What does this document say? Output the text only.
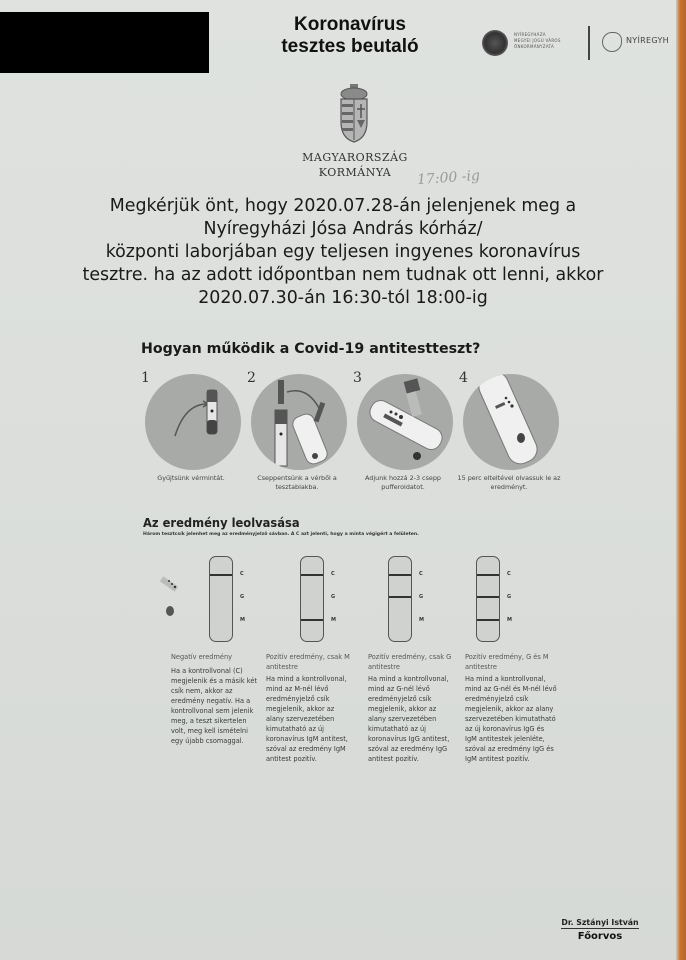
Koronavírus
tesztes beutaló
NYÍREGYHÁZA
MEGYEI JOGÚ VÁROS
ÖNKORMÁNYZATA
NYÍREGYH
MAGYARORSZÁG
KORMÁNYA	17:00 -ig
Megkérjük önt, hogy 2020.07.28-án jelenjenek meg a
Nyíregyházi Jósa András kórház/
központi laborjában egy teljesen ingyenes koronavírus
tesztre. ha az adott időpontban nem tudnak ott lenni, akkor
2020.07.30-án 16:30-tól 18:00-ig
Hogyan működik a Covid-19 antitestteszt?
1
Gyűjtsünk vérmintát.
2
Cseppentsünk a vérből a tesztablakba.
3
Adjunk hozzá 2-3 csepp pufferoldatot.
4
15 perc elteltével olvassuk le az eredményt.
Az eredmény leolvasása
Három tesztcsík jelenhet meg az eredményjelző sávban. A C azt jelenti, hogy a minta végigért a felületen.
C
G
M
C
G
M
C
G
M
C
G
M
Negatív eredmény
Ha a kontrollvonal (C) megjelenik és a másik két csík nem, akkor az eredmény negatív. Ha a kontrollvonal sem jelenik meg, a teszt sikertelen volt, meg kell ismételni egy újabb csomaggal.
Pozitív eredmény, csak M antitestre
Ha mind a kontrollvonal, mind az M-nél lévő eredményjelző csík megjelenik, akkor az alany szervezetében kimutatható az új koronavírus IgM antitest, szóval az eredmény IgM antitest pozitív.
Pozitív eredmény, csak G antitestre
Ha mind a kontrollvonal, mind az G-nél lévő eredményjelző csík megjelenik, akkor az alany szervezetében kimutatható az új koronavírus IgG antitest, szóval az eredmény IgG antitest pozitív.
Pozitív eredmény, G és M antitestre
Ha mind a kontrollvonal, mind az G-nél és M-nél lévő eredményjelző csík megjelenik, akkor az alany szervezetében kimutatható az új koronavírus IgG és IgM antitestek jelenléte, szóval az eredmény IgG és IgM antitest pozitív.
Dr. Sztányi István
Főorvos
